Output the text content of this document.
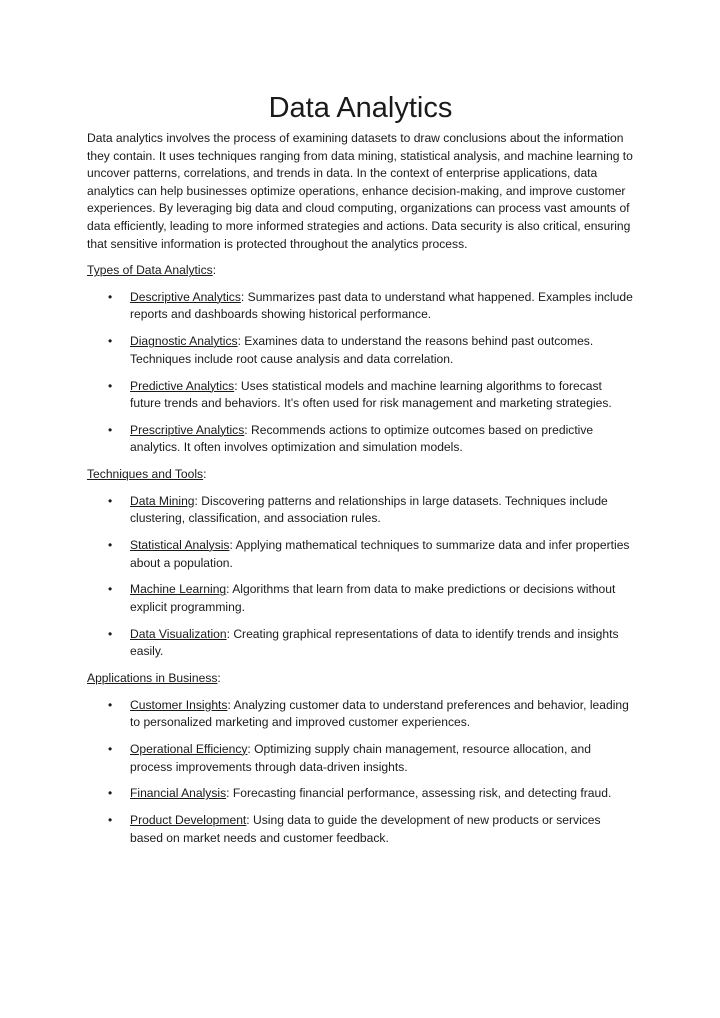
Data Analytics

Data analytics involves the process of examining datasets to draw conclusions about the information they contain. It uses techniques ranging from data mining, statistical analysis, and machine learning to uncover patterns, correlations, and trends in data. In the context of enterprise applications, data analytics can help businesses optimize operations, enhance decision-making, and improve customer experiences. By leveraging big data and cloud computing, organizations can process vast amounts of data efficiently, leading to more informed strategies and actions. Data security is also critical, ensuring that sensitive information is protected throughout the analytics process.

Types of Data Analytics:

• Descriptive Analytics: Summarizes past data to understand what happened. Examples include reports and dashboards showing historical performance.
• Diagnostic Analytics: Examines data to understand the reasons behind past outcomes. Techniques include root cause analysis and data correlation.
• Predictive Analytics: Uses statistical models and machine learning algorithms to forecast future trends and behaviors. It’s often used for risk management and marketing strategies.
• Prescriptive Analytics: Recommends actions to optimize outcomes based on predictive analytics. It often involves optimization and simulation models.

Techniques and Tools:

• Data Mining: Discovering patterns and relationships in large datasets. Techniques include clustering, classification, and association rules.
• Statistical Analysis: Applying mathematical techniques to summarize data and infer properties about a population.
• Machine Learning: Algorithms that learn from data to make predictions or decisions without explicit programming.
• Data Visualization: Creating graphical representations of data to identify trends and insights easily.

Applications in Business:

• Customer Insights: Analyzing customer data to understand preferences and behavior, leading to personalized marketing and improved customer experiences.
• Operational Efficiency: Optimizing supply chain management, resource allocation, and process improvements through data-driven insights.
• Financial Analysis: Forecasting financial performance, assessing risk, and detecting fraud.
• Product Development: Using data to guide the development of new products or services based on market needs and customer feedback.
